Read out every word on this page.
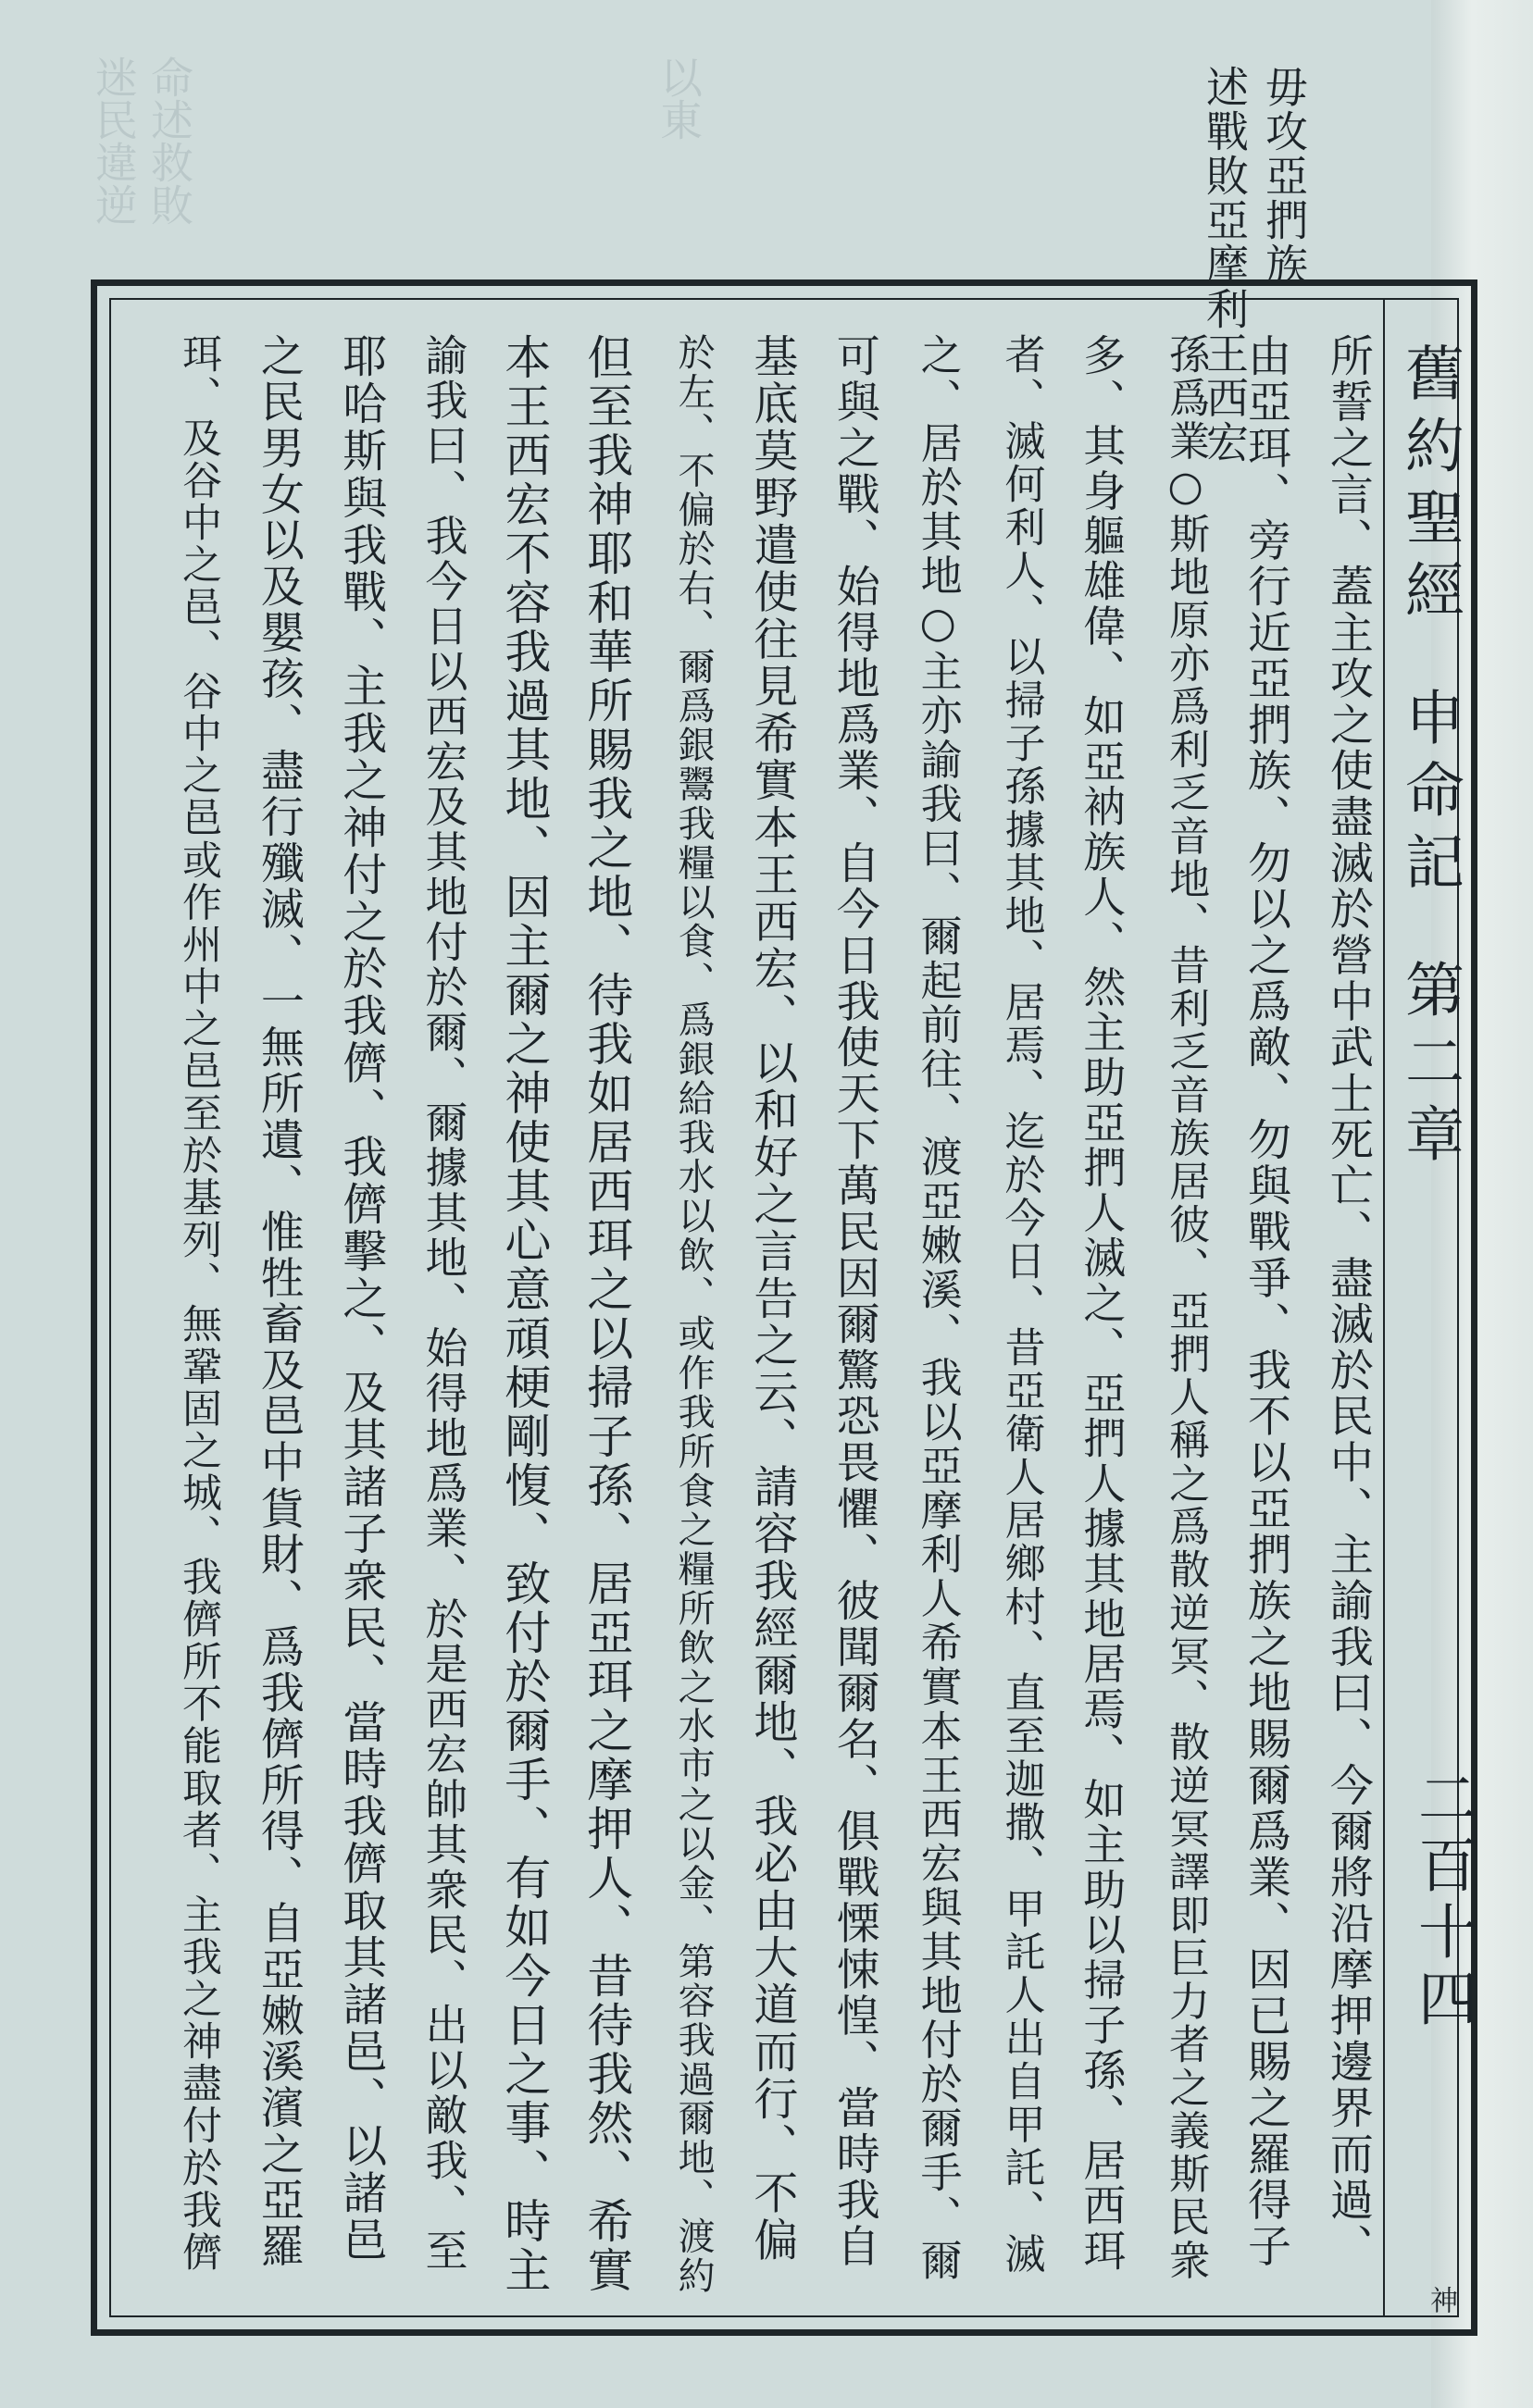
迷民違逆 命述救敗	以東	毋攻亞捫族
述戰敗亞摩利王西宏
舊約聖經申命記第二章
二百十四
神
所誓之言、蓋主攻之使盡滅於營中武士死亡、盡滅於民中、主諭我曰、今爾將沿摩押邊界而過、
由亞珥、旁行近亞捫族、勿以之爲敵、勿與戰爭、我不以亞捫族之地賜爾爲業、因已賜之羅得子
孫爲業○斯地原亦爲利乏音地、昔利乏音族居彼、亞捫人稱之爲散逆冥、散逆冥譯即巨力者之義斯民衆
多、其身軀雄偉、如亞衲族人、然主助亞捫人滅之、亞捫人據其地居焉、如主助以掃子孫、居西珥
者、滅何利人、以掃子孫據其地、居焉、迄於今日、昔亞衛人居鄉村、直至迦撒、甲託人出自甲託、滅
之、居於其地○主亦諭我曰、爾起前往、渡亞嫩溪、我以亞摩利人希實本王西宏與其地付於爾手、爾
可與之戰、始得地爲業、自今日我使天下萬民因爾驚恐畏懼、彼聞爾名、俱戰慄悚惶、當時我自
基底莫野遣使往見希實本王西宏、以和好之言告之云、請容我經爾地、我必由大道而行、不偏
於左、不偏於右、爾爲銀鬻我糧以食、爲銀給我水以飲、或作我所食之糧所飲之水市之以金、第容我過爾地、渡約
但至我神耶和華所賜我之地、待我如居西珥之以掃子孫、居亞珥之摩押人、昔待我然、希實
本王西宏不容我過其地、因主爾之神使其心意頑梗剛愎、致付於爾手、有如今日之事、時主
諭我曰、我今日以西宏及其地付於爾、爾據其地、始得地爲業、於是西宏帥其衆民、出以敵我、至
耶哈斯與我戰、主我之神付之於我儕、我儕擊之、及其諸子衆民、當時我儕取其諸邑、以諸邑
之民男女以及嬰孩、盡行殲滅、一無所遺、惟牲畜及邑中貨財、爲我儕所得、自亞嫩溪濱之亞羅
珥、及谷中之邑、谷中之邑或作州中之邑至於基列、無鞏固之城、我儕所不能取者、主我之神盡付於我儕
